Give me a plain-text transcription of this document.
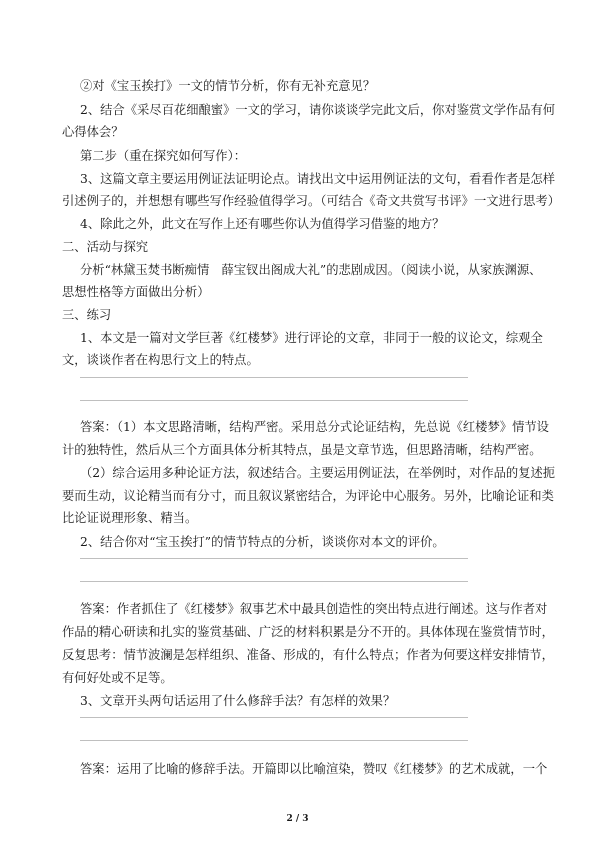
②对《宝玉挨打》一文的情节分析，你有无补充意见？
2、结合《采尽百花细酿蜜》一文的学习，请你谈谈学完此文后，你对鉴赏文学作品有何
心得体会？
第二步（重在探究如何写作）：
3、这篇文章主要运用例证法证明论点。请找出文中运用例证法的文句，看看作者是怎样
引述例子的，并想想有哪些写作经验值得学习。（可结合《奇文共赏写书评》一文进行思考）
4、除此之外，此文在写作上还有哪些你认为值得学习借鉴的地方？
二、活动与探究
分析“林黛玉焚书断痴情　薛宝钗出阁成大礼”的悲剧成因。（阅读小说，从家族渊源、
思想性格等方面做出分析）
三、练习
1、本文是一篇对文学巨著《红楼梦》进行评论的文章，非同于一般的议论文，综观全
文，谈谈作者在构思行文上的特点。
答案：（1）本文思路清晰，结构严密。采用总分式论证结构，先总说《红楼梦》情节设
计的独特性，然后从三个方面具体分析其特点，虽是文章节选，但思路清晰，结构严密。
（2）综合运用多种论证方法，叙述结合。主要运用例证法，在举例时，对作品的复述扼
要而生动，议论精当而有分寸，而且叙议紧密结合，为评论中心服务。另外，比喻论证和类
比论证说理形象、精当。
2、结合你对“宝玉挨打”的情节特点的分析，谈谈你对本文的评价。
答案：作者抓住了《红楼梦》叙事艺术中最具创造性的突出特点进行阐述。这与作者对
作品的精心研读和扎实的鉴赏基础、广泛的材料积累是分不开的。具体体现在鉴赏情节时，
反复思考：情节波澜是怎样组织、准备、形成的，有什么特点；作者为何要这样安排情节，
有何好处或不足等。
3、文章开头两句话运用了什么修辞手法？有怎样的效果？
答案：运用了比喻的修辞手法。开篇即以比喻渲染，赞叹《红楼梦》的艺术成就，一个
2 / 3
